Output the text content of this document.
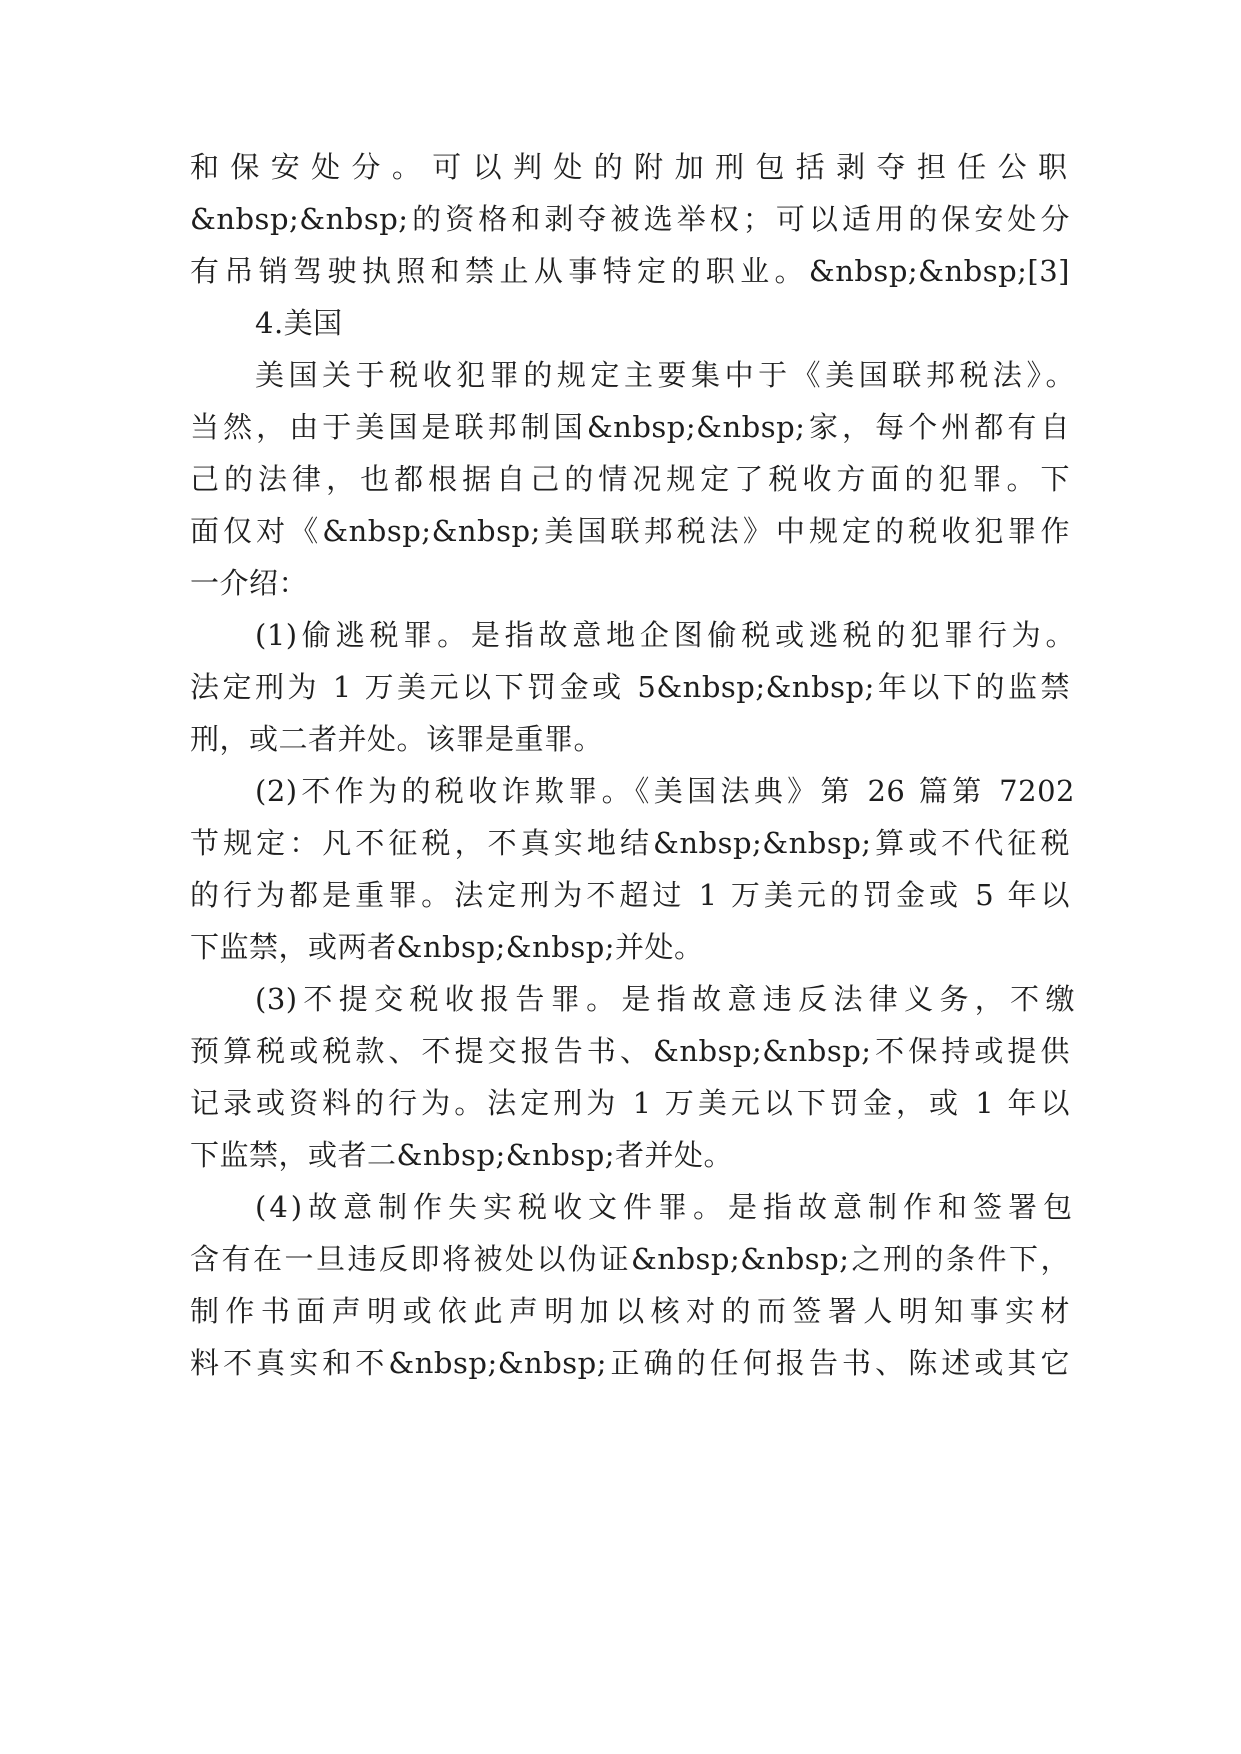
和保安处分。可以判处的附加刑包括剥夺担任公职
&nbsp;&nbsp;的资格和剥夺被选举权；可以适用的保安处分
有吊销驾驶执照和禁止从事特定的职业。&nbsp;&nbsp;[3]
4.美国
美国关于税收犯罪的规定主要集中于《美国联邦税法》。
当然，由于美国是联邦制国&nbsp;&nbsp;家，每个州都有自
己的法律，也都根据自己的情况规定了税收方面的犯罪。下
面仅对《&nbsp;&nbsp;美国联邦税法》中规定的税收犯罪作
一介绍：
(1)偷逃税罪。是指故意地企图偷税或逃税的犯罪行为。
法定刑为 1 万美元以下罚金或 5&nbsp;&nbsp;年以下的监禁
刑，或二者并处。该罪是重罪。
(2)不作为的税收诈欺罪。《美国法典》第 26 篇第 7202
节规定：凡不征税，不真实地结&nbsp;&nbsp;算或不代征税
的行为都是重罪。法定刑为不超过 1 万美元的罚金或 5 年以
下监禁，或两者&nbsp;&nbsp;并处。
(3)不提交税收报告罪。是指故意违反法律义务，不缴
预算税或税款、不提交报告书、&nbsp;&nbsp;不保持或提供
记录或资料的行为。法定刑为 1 万美元以下罚金，或 1 年以
下监禁，或者二&nbsp;&nbsp;者并处。
(4)故意制作失实税收文件罪。是指故意制作和签署包
含有在一旦违反即将被处以伪证&nbsp;&nbsp;之刑的条件下，
制作书面声明或依此声明加以核对的而签署人明知事实材
料不真实和不&nbsp;&nbsp;正确的任何报告书、陈述或其它
